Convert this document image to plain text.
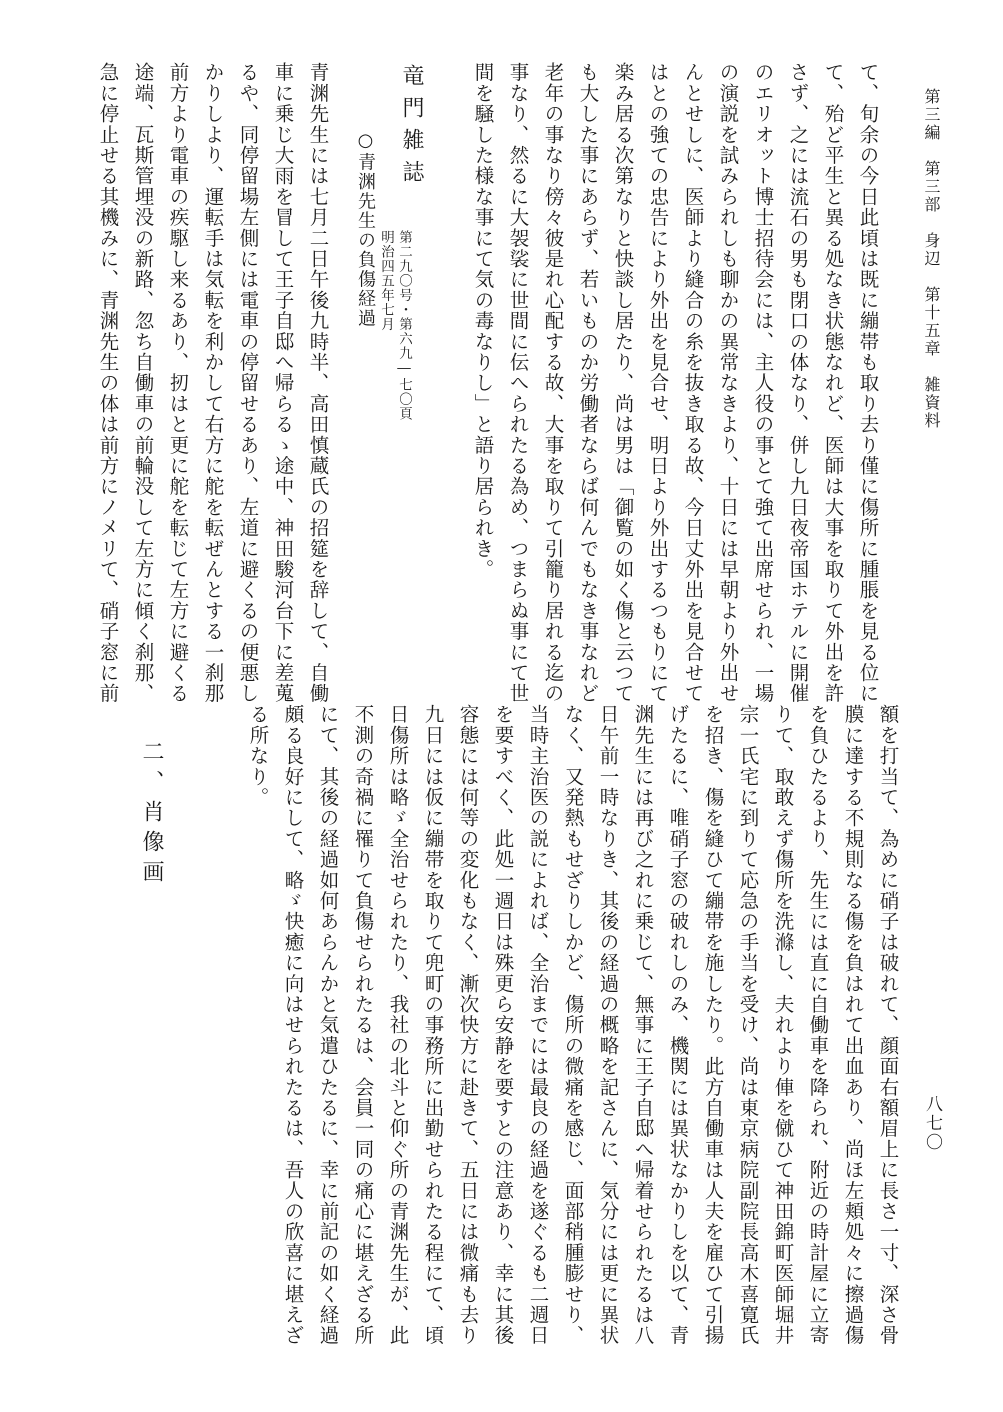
第三編　第三部　身辺　第十五章　雑資料
八七〇
て、旬余の今日此頃は既に繃帯も取り去り僅に傷所に腫脹を見る位に
て、殆ど平生と異る処なき状態なれど、医師は大事を取りて外出を許
さず、之には流石の男も閉口の体なり、併し九日夜帝国ホテルに開催
のエリオット博士招待会には、主人役の事とて強て出席せられ、一場
の演説を試みられしも聊かの異常なきより、十日には早朝より外出せ
んとせしに、医師より縫合の糸を抜き取る故、今日丈外出を見合せて
はとの強ての忠告により外出を見合せ、明日より外出するつもりにて
楽み居る次第なりと快談し居たり、尚は男は「御覧の如く傷と云つて
も大した事にあらず、若いものか労働者ならば何んでもなき事なれど
老年の事なり傍々彼是れ心配する故、大事を取りて引籠り居れる迄の
事なり、然るに大袈裟に世間に伝へられたる為め、つまらぬ事にて世
間を騒した様な事にて気の毒なりし」と語り居られき。
竜門雑誌
第二九〇号・第六九―七〇頁
明治四五年七月
○青渊先生の負傷経過
青渊先生には七月二日午後九時半、高田慎蔵氏の招筵を辞して、自働
車に乗じ大雨を冒して王子自邸へ帰らるゝ途中、神田駿河台下に差蒐
るや、同停留場左側には電車の停留せるあり、左道に避くるの便悪し
かりしより、運転手は気転を利かして右方に舵を転ぜんとする一刹那
前方より電車の疾駆し来るあり、扨はと更に舵を転じて左方に避くる
途端、瓦斯管埋没の新路、忽ち自働車の前輪没して左方に傾く刹那、
急に停止せる其機みに、青渊先生の体は前方にノメリて、硝子窓に前
額を打当て、為めに硝子は破れて、顔面右額眉上に長さ一寸、深さ骨
膜に達する不規則なる傷を負はれて出血あり、尚ほ左頬処々に擦過傷
を負ひたるより、先生には直に自働車を降られ、附近の時計屋に立寄
りて、取敢えず傷所を洗滌し、夫れより俥を僦ひて神田錦町医師堀井
宗一氏宅に到りて応急の手当を受け、尚は東京病院副院長高木喜寛氏
を招き、傷を縫ひて繃帯を施したり。此方自働車は人夫を雇ひて引揚
げたるに、唯硝子窓の破れしのみ、機関には異状なかりしを以て、青
渊先生には再び之れに乗じて、無事に王子自邸へ帰着せられたるは八
日午前一時なりき、其後の経過の概略を記さんに、気分には更に異状
なく、又発熱もせざりしかど、傷所の微痛を感じ、面部稍腫膨せり、
当時主治医の説によれば、全治までには最良の経過を遂ぐるも二週日
を要すべく、此処一週日は殊更ら安静を要すとの注意あり、幸に其後
容態には何等の変化もなく、漸次快方に赴きて、五日には微痛も去り
九日には仮に繃帯を取りて兜町の事務所に出勤せられたる程にて、頃
日傷所は略ゞ全治せられたり、我社の北斗と仰ぐ所の青渊先生が、此
不測の奇禍に罹りて負傷せられたるは、会員一同の痛心に堪えざる所
にて、其後の経過如何あらんかと気遣ひたるに、幸に前記の如く経過
頗る良好にして、略ゞ快癒に向はせられたるは、吾人の欣喜に堪えざ
る所なり。
二、肖像画
